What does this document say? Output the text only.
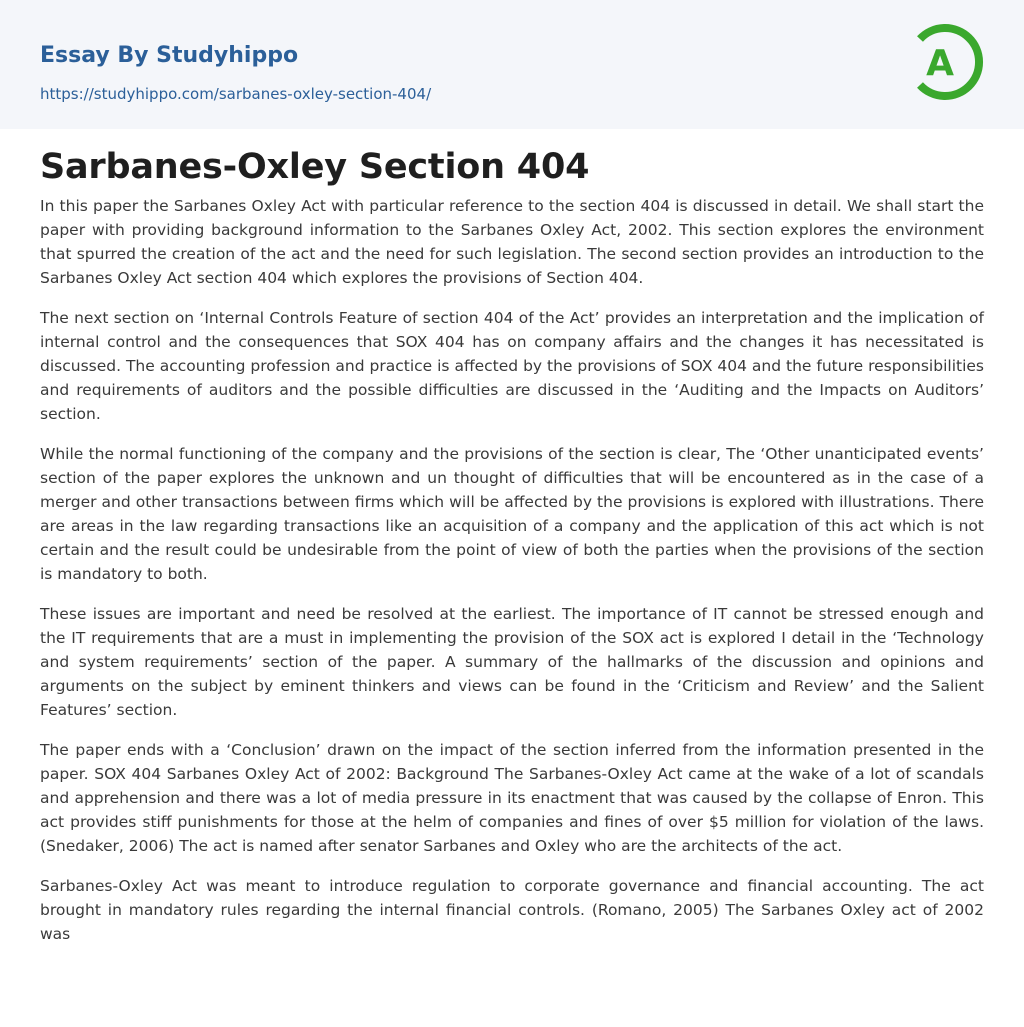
Essay By Studyhippo
https://studyhippo.com/sarbanes-oxley-section-404/
A
Sarbanes-Oxley Section 404

In this paper the Sarbanes Oxley Act with particular reference to the section 404 is discussed in detail. We shall start the paper with providing background information to the Sarbanes Oxley Act, 2002. This section explores the environment that spurred the creation of the act and the need for such legislation. The second section provides an introduction to the Sarbanes Oxley Act section 404 which explores the provisions of Section 404.

The next section on ‘Internal Controls Feature of section 404 of the Act’ provides an interpretation and the implication of internal control and the consequences that SOX 404 has on company affairs and the changes it has necessitated is discussed. The accounting profession and practice is affected by the provisions of SOX 404 and the future responsibilities and requirements of auditors and the possible difficulties are discussed in the ‘Auditing and the Impacts on Auditors’ section.

While the normal functioning of the company and the provisions of the section is clear, The ‘Other unanticipated events’ section of the paper explores the unknown and un thought of difficulties that will be encountered as in the case of a merger and other transactions between firms which will be affected by the provisions is explored with illustrations. There are areas in the law regarding transactions like an acquisition of a company and the application of this act which is not certain and the result could be undesirable from the point of view of both the parties when the provisions of the section is mandatory to both.

These issues are important and need be resolved at the earliest. The importance of IT cannot be stressed enough and the IT requirements that are a must in implementing the provision of the SOX act is explored I detail in the ‘Technology and system requirements’ section of the paper. A summary of the hallmarks of the discussion and opinions and arguments on the subject by eminent thinkers and views can be found in the ‘Criticism and Review’ and the Salient Features’ section.

The paper ends with a ‘Conclusion’ drawn on the impact of the section inferred from the information presented in the paper. SOX 404 Sarbanes Oxley Act of 2002: Background The Sarbanes-Oxley Act came at the wake of a lot of scandals and apprehension and there was a lot of media pressure in its enactment that was caused by the collapse of Enron. This act provides stiff punishments for those at the helm of companies and fines of over $5 million for violation of the laws. (Snedaker, 2006) The act is named after senator Sarbanes and Oxley who are the architects of the act.

Sarbanes-Oxley Act was meant to introduce regulation to corporate governance and financial accounting. The act brought in mandatory rules regarding the internal financial controls. (Romano, 2005) The Sarbanes Oxley act of 2002 was
